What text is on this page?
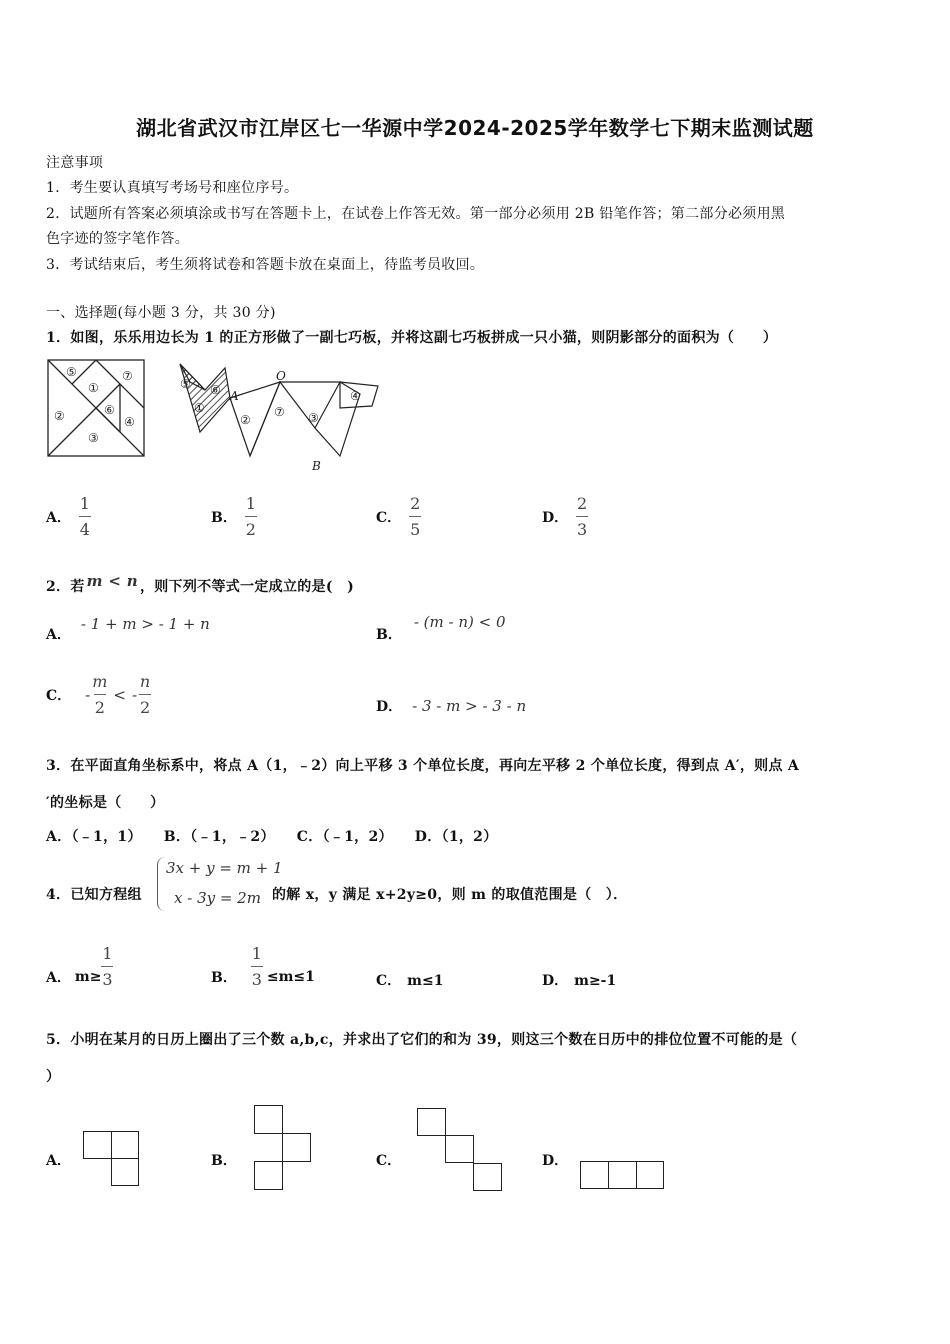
湖北省武汉市江岸区七一华源中学2024-2025学年数学七下期末监测试题
注意事项
1．考生要认真填写考场号和座位序号。
2．试题所有答案必须填涂或书写在答题卡上，在试卷上作答无效。第一部分必须用 2B 铅笔作答；第二部分必须用黑
色字迹的签字笔作答。
3．考试结束后，考生须将试卷和答题卡放在桌面上，待监考员收回。
一、选择题(每小题 3 分，共 30 分)
1．如图，乐乐用边长为 1 的正方形做了一副七巧板，并将这副七巧板拼成一只小猫，则阴影部分的面积为（　　）
⑤
①
⑦
②	⑥
④
③
⑤ ⑥
①
A
O
②
⑦ ③
④
B
A． $\frac{1}{4}$	B． $\frac{1}{2}$	C． $\frac{2}{5}$	D． $\frac{2}{3}$
2．若 m < n ，则下列不等式一定成立的是(　)
A．
- 1 + m > - 1 + n
B．
- (m - n) < 0
C． - $\frac{m}{2}$ < - $\frac{n}{2}$	D． - 3 - m > - 3 - n
3．在平面直角坐标系中，将点 A（1，﹣2）向上平移 3 个单位长度，再向左平移 2 个单位长度，得到点 A′，则点 A
′的坐标是（　　）
A．（﹣1，1） B．（﹣1，﹣2） C．（﹣1，2） D．（1，2）
4．已知方程组
3x + y = m + 1
x - 3y = 2m 的解 x，y 满足 x+2y≥0，则 m 的取值范围是（　）．
A． $m\ge \frac{1}{3}$	B． $\frac{1}{3} \le m\le 1$	C． m≤1	D． m≥-1
5．小明在某月的日历上圈出了三个数 a,b,c，并求出了它们的和为 39，则这三个数在日历中的排位位置不可能的是（
）
A．	B．	C．	D．
